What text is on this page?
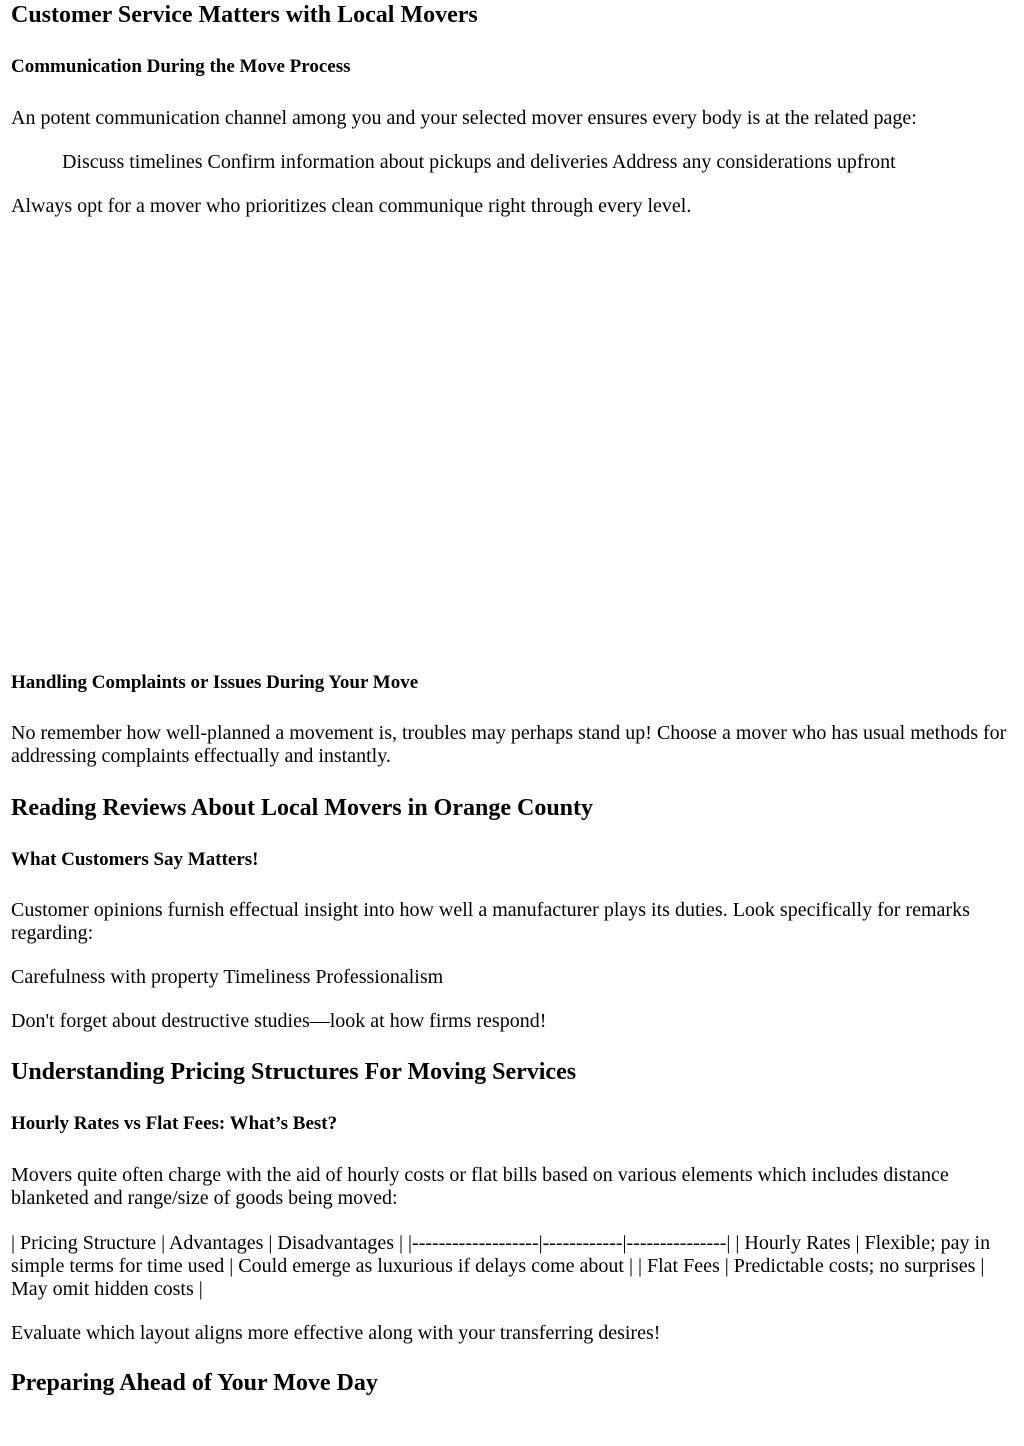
Customer Service Matters with Local Movers
Communication During the Move Process

An potent communication channel among you and your selected mover ensures every body is at the related page:

Discuss timelines Confirm information about pickups and deliveries Address any considerations upfront

Always opt for a mover who prioritizes clean communique right through every level.

Handling Complaints or Issues During Your Move

No remember how well-planned a movement is, troubles may perhaps stand up! Choose a mover who has usual methods for addressing complaints effectually and instantly.

Reading Reviews About Local Movers in Orange County
What Customers Say Matters!

Customer opinions furnish effectual insight into how well a manufacturer plays its duties. Look specifically for remarks regarding:

Carefulness with property Timeliness Professionalism

Don't forget about destructive studies—look at how firms respond!

Understanding Pricing Structures For Moving Services
Hourly Rates vs Flat Fees: What’s Best?

Movers quite often charge with the aid of hourly costs or flat bills based on various elements which includes distance blanketed and range/size of goods being moved:

| Pricing Structure | Advantages | Disadvantages | |-------------------|------------|---------------| | Hourly Rates | Flexible; pay in simple terms for time used | Could emerge as luxurious if delays come about | | Flat Fees | Predictable costs; no surprises | May omit hidden costs |

Evaluate which layout aligns more effective along with your transferring desires!

Preparing Ahead of Your Move Day
